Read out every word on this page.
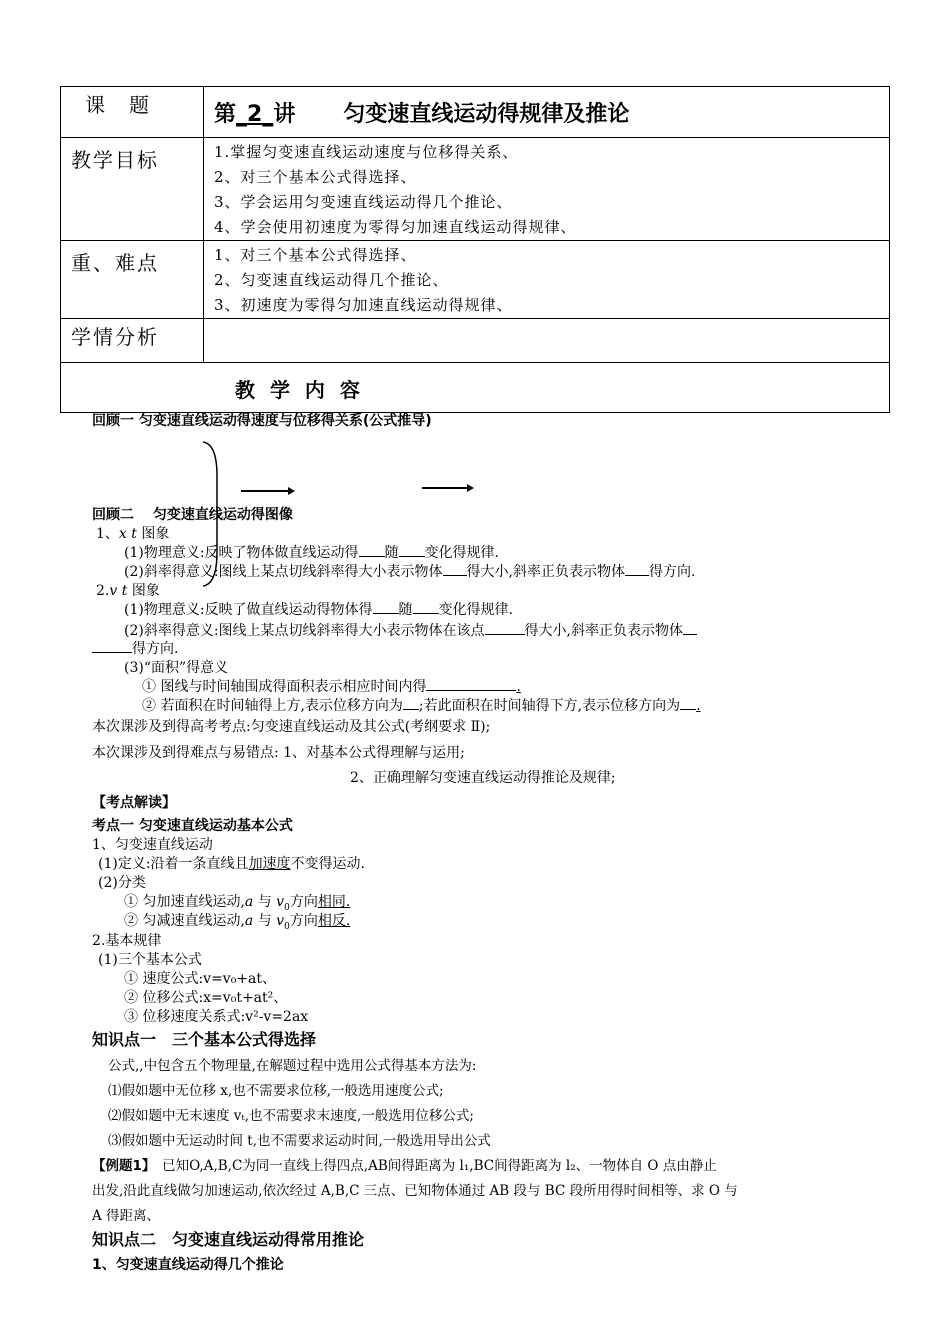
课　题	第_2_讲 匀变速直线运动得规律及推论

教学目标	1.掌握匀变速直线运动速度与位移得关系、
2、对三个基本公式得选择、
3、学会运用匀变速直线运动得几个推论、
4、学会使用初速度为零得匀加速直线运动得规律、

重、难点	1、对三个基本公式得选择、
2、匀变速直线运动得几个推论、
3、初速度为零得匀加速直线运动得规律、

学情分析	

教 学 内 容	
回顾一 匀变速直线运动得速度与位移得关系(公式推导)
回顾二　 匀变速直线运动得图像
1、x t 图象
(1)物理意义:反映了物体做直线运动得 随 变化得规律.
(2)斜率得意义:图线上某点切线斜率得大小表示物体 得大小,斜率正负表示物体 得方向.
2.v t 图象
(1)物理意义:反映了做直线运动得物体得 随 变化得规律.
(2)斜率得意义:图线上某点切线斜率得大小表示物体在该点	得大小,斜率正负表示物体
得方向.
(3)“面积”得意义
① 图线与时间轴围成得面积表示相应时间内得	.
② 若面积在时间轴得上方,表示位移方向为 ;若此面积在时间轴得下方,表示位移方向为 .
本次课涉及到得高考考点:匀变速直线运动及其公式(考纲要求 Ⅱ);
本次课涉及到得难点与易错点: 1、对基本公式得理解与运用;
2、正确理解匀变速直线运动得推论及规律;
【考点解读】
考点一 匀变速直线运动基本公式
1、匀变速直线运动
(1)定义:沿着一条直线且加速度不变得运动.
(2)分类
① 匀加速直线运动,a 与 $v_0$方向相同.
② 匀减速直线运动,a 与 $v_0$方向相反.
2.基本规律
(1)三个基本公式
① 速度公式:v=v₀+at、
② 位移公式:x=v₀t+at²、
③ 位移速度关系式:v²-v=2ax
知识点一　三个基本公式得选择
公式,,中包含五个物理量,在解题过程中选用公式得基本方法为:
⑴假如题中无位移 x,也不需要求位移,一般选用速度公式;
⑵假如题中无末速度 vₜ,也不需要求末速度,一般选用位移公式;
⑶假如题中无运动时间 t,也不需要求运动时间,一般选用导出公式
【例题1】　已知O,A,B,C为同一直线上得四点,AB间得距离为 l₁,BC间得距离为 l₂、一物体自 O 点由静止
出发,沿此直线做匀加速运动,依次经过 A,B,C 三点、已知物体通过 AB 段与 BC 段所用得时间相等、求 O 与
A 得距离、
知识点二　匀变速直线运动得常用推论
1、匀变速直线运动得几个推论
